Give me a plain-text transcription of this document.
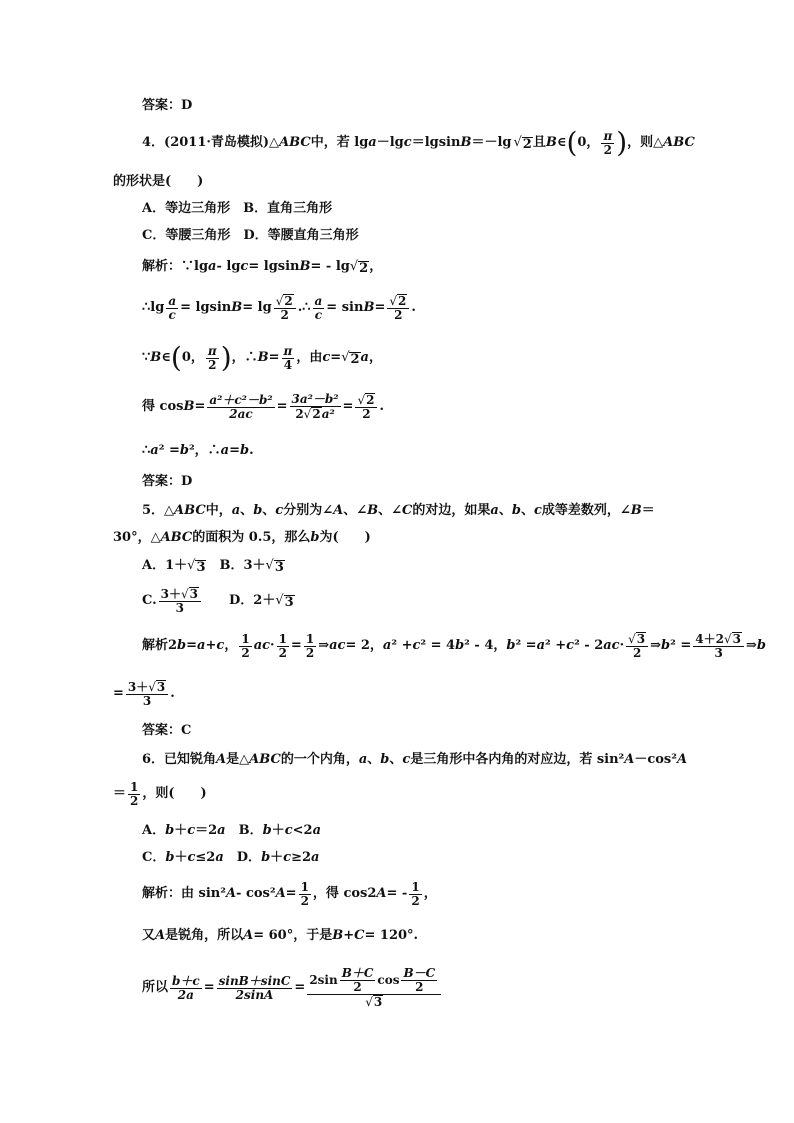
答案：D
4．(2011·青岛模拟)△ ABC 中，若 lg a －lg c ＝lgsin B ＝－lg √ 2 且 B ∈ ( 0， $\frac{\pi}{2}$ ) ，则△ ABC
的形状是(　　)
A．等边三角形　B．直角三角形
C．等腰三角形　D．等腰直角三角形
解析：∵lg a - lg c = lgsin B = - lg √ 2 ，
∴lg $\frac{a}{c} = lgsin$ $B = \lg \frac{√ 2}{2}$ .∴ $\frac{a}{c} = \sin B = \frac{√ 2}{2}$ .
∵ B ∈ ( 0， $\frac{\pi}{2}$ ) ，∴ $B = \frac{\pi}{4}$ ，由 c = √ 2 a ，
得 $\cos B = \frac{\text{a²＋c²－b²}}{2ac} = \frac{\text{3a²－b²}}{\text{2 √ 2 a²}} = \frac{√ 2}{2}$ .
∴ a ² = b ²，∴ a = b .
答案：D
5．△ ABC 中， a 、 b 、 c 分别为∠ A 、∠ B 、∠ C 的对边，如果 a 、 b 、 c 成等差数列，∠ B ＝
30°，△ ABC 的面积为 0.5，那么 b 为(　　)
A．1＋ √ 3 　B．3＋ √ 3
C. $\frac{3+ √ 3}{3}$ 　　D．2＋ √ 3
解析2 b = a + c ， $\frac{1}{2}$ ac · $\frac{1}{2} = \frac{1}{2}$ ⇒ ac = 2， a ² + c ² = 4 b ² - 4， b ² = a ² + c ² - 2 ac · $\frac{√ 3}{2}$ ⇒ b $^2 = \frac{4+2 √ 3}{3}$ ⇒ b
= $\frac{3+ √ 3}{3}$ .
答案：C
6．已知锐角 A 是△ ABC 的一个内角， a 、 b 、 c 是三角形中各内角的对应边，若 sin² A －cos² A
＝ $\frac{1}{2}$ ，则(　　)
A． b ＋ c ＝2 a 　B． b ＋ c <2 a
C． b ＋ c ≤2 a 　D． b ＋ c ≥2 a
解析：由 sin² A - cos² $A = \frac{1}{2}$ ，得 cos2 A = - $\frac{1}{2}$ ，
又 A 是锐角，所以 A = 60°，于是 B + C = 120°.
所以 $\frac{b+c}{2a} = \frac{\sin B+\sin C}{2\sin A} = \frac{2\sin \frac{B+C}{2} \cos \frac{B-C}{2}}{√ 3}$
